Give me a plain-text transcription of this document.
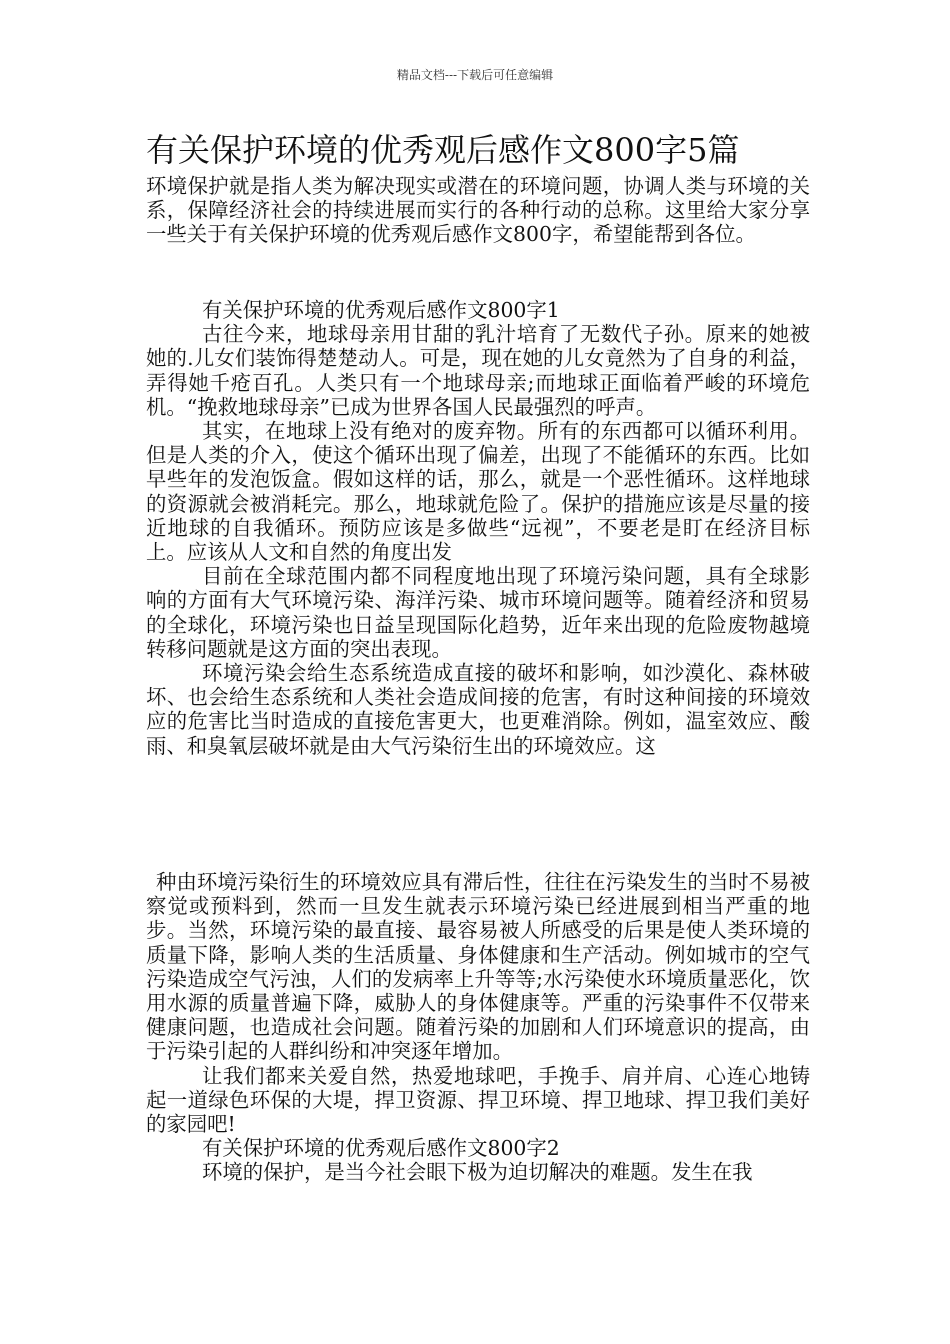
精品文档---下载后可任意编辑
有关保护环境的优秀观后感作文800字5篇

环境保护就是指人类为解决现实或潜在的环境问题，协调人类与环境的关系，保障经济社会的持续进展而实行的各种行动的总称。这里给大家分享一些关于有关保护环境的优秀观后感作文800字，希望能帮到各位。

有关保护环境的优秀观后感作文800字1

古往今来，地球母亲用甘甜的乳汁培育了无数代子孙。原来的她被她的.儿女们装饰得楚楚动人。可是，现在她的儿女竟然为了自身的利益，弄得她千疮百孔。人类只有一个地球母亲;而地球正面临着严峻的环境危机。“挽救地球母亲”已成为世界各国人民最强烈的呼声。

其实，在地球上没有绝对的废弃物。所有的东西都可以循环利用。但是人类的介入，使这个循环出现了偏差，出现了不能循环的东西。比如早些年的发泡饭盒。假如这样的话，那么，就是一个恶性循环。这样地球的资源就会被消耗完。那么，地球就危险了。保护的措施应该是尽量的接近地球的自我循环。预防应该是多做些“远视”，不要老是盯在经济目标上。应该从人文和自然的角度出发

目前在全球范围内都不同程度地出现了环境污染问题，具有全球影响的方面有大气环境污染、海洋污染、城市环境问题等。随着经济和贸易的全球化，环境污染也日益呈现国际化趋势，近年来出现的危险废物越境转移问题就是这方面的突出表现。

环境污染会给生态系统造成直接的破坏和影响，如沙漠化、森林破坏、也会给生态系统和人类社会造成间接的危害，有时这种间接的环境效应的危害比当时造成的直接危害更大，也更难消除。例如，温室效应、酸雨、和臭氧层破坏就是由大气污染衍生出的环境效应。这

种由环境污染衍生的环境效应具有滞后性，往往在污染发生的当时不易被察觉或预料到，然而一旦发生就表示环境污染已经进展到相当严重的地步。当然，环境污染的最直接、最容易被人所感受的后果是使人类环境的质量下降，影响人类的生活质量、身体健康和生产活动。例如城市的空气污染造成空气污浊，人们的发病率上升等等;水污染使水环境质量恶化，饮用水源的质量普遍下降，威胁人的身体健康等。严重的污染事件不仅带来健康问题，也造成社会问题。随着污染的加剧和人们环境意识的提高，由于污染引起的人群纠纷和冲突逐年增加。

让我们都来关爱自然，热爱地球吧，手挽手、肩并肩、心连心地铸起一道绿色环保的大堤，捍卫资源、捍卫环境、捍卫地球、捍卫我们美好的家园吧!

有关保护环境的优秀观后感作文800字2

环境的保护，是当今社会眼下极为迫切解决的难题。发生在我
